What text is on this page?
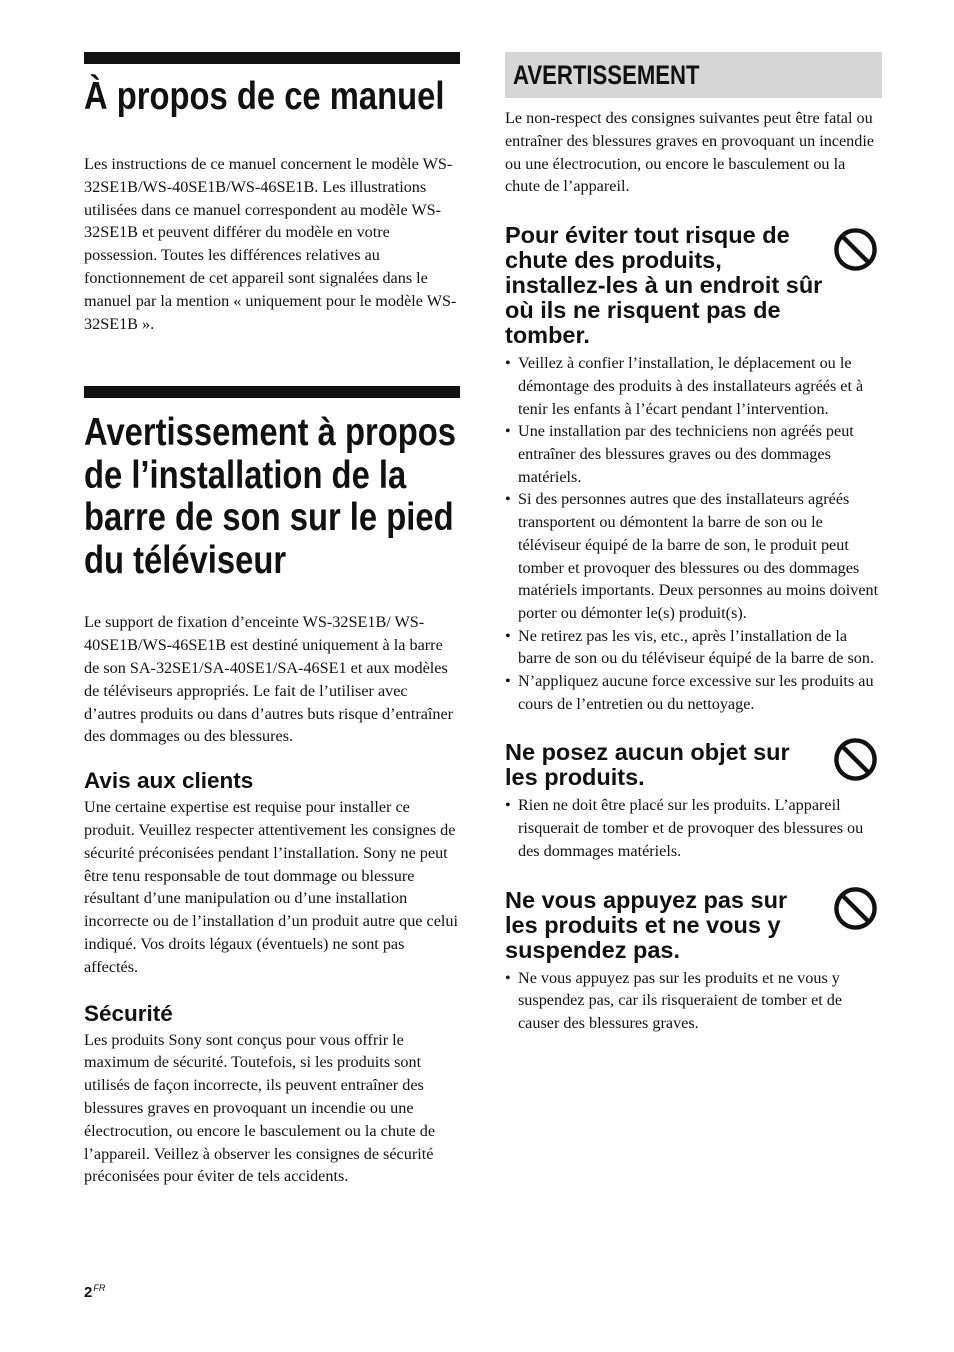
À propos de ce manuel

Les instructions de ce manuel concernent le modèle WS-32SE1B/WS-40SE1B/WS-46SE1B. Les illustrations utilisées dans ce manuel correspondent au modèle WS-32SE1B et peuvent différer du modèle en votre possession. Toutes les différences relatives au fonctionnement de cet appareil sont signalées dans le manuel par la mention « uniquement pour le modèle WS-32SE1B ».

Avertissement à propos de l’installation de la barre de son sur le pied du téléviseur

Le support de fixation d’enceinte WS-32SE1B/ WS-40SE1B/WS-46SE1B est destiné uniquement à la barre de son SA-32SE1/SA-40SE1/SA-46SE1 et aux modèles de téléviseurs appropriés. Le fait de l’utiliser avec d’autres produits ou dans d’autres buts risque d’entraîner des dommages ou des blessures.

Avis aux clients

Une certaine expertise est requise pour installer ce produit. Veuillez respecter attentivement les consignes de sécurité préconisées pendant l’installation. Sony ne peut être tenu responsable de tout dommage ou blessure résultant d’une manipulation ou d’une installation incorrecte ou de l’installation d’un produit autre que celui indiqué. Vos droits légaux (éventuels) ne sont pas affectés.

Sécurité

Les produits Sony sont conçus pour vous offrir le maximum de sécurité. Toutefois, si les produits sont utilisés de façon incorrecte, ils peuvent entraîner des blessures graves en provoquant un incendie ou une électrocution, ou encore le basculement ou la chute de l’appareil. Veillez à observer les consignes de sécurité préconisées pour éviter de tels accidents.

AVERTISSEMENT

Le non-respect des consignes suivantes peut être fatal ou entraîner des blessures graves en provoquant un incendie ou une électrocution, ou encore le basculement ou la chute de l’appareil.

Pour éviter tout risque de chute des produits, installez-les à un endroit sûr où ils ne risquent pas de tomber.
• Veillez à confier l’installation, le déplacement ou le démontage des produits à des installateurs agréés et à tenir les enfants à l’écart pendant l’intervention.
• Une installation par des techniciens non agréés peut entraîner des blessures graves ou des dommages matériels.
• Si des personnes autres que des installateurs agréés transportent ou démontent la barre de son ou le téléviseur équipé de la barre de son, le produit peut tomber et provoquer des blessures ou des dommages matériels importants. Deux personnes au moins doivent porter ou démonter le(s) produit(s).
• Ne retirez pas les vis, etc., après l’installation de la barre de son ou du téléviseur équipé de la barre de son.
• N’appliquez aucune force excessive sur les produits au cours de l’entretien ou du nettoyage.
Ne posez aucun objet sur les produits.
• Rien ne doit être placé sur les produits. L’appareil risquerait de tomber et de provoquer des blessures ou des dommages matériels.
Ne vous appuyez pas sur les produits et ne vous y suspendez pas.
• Ne vous appuyez pas sur les produits et ne vous y suspendez pas, car ils risqueraient de tomber et de causer des blessures graves.
$2^{FR}$
